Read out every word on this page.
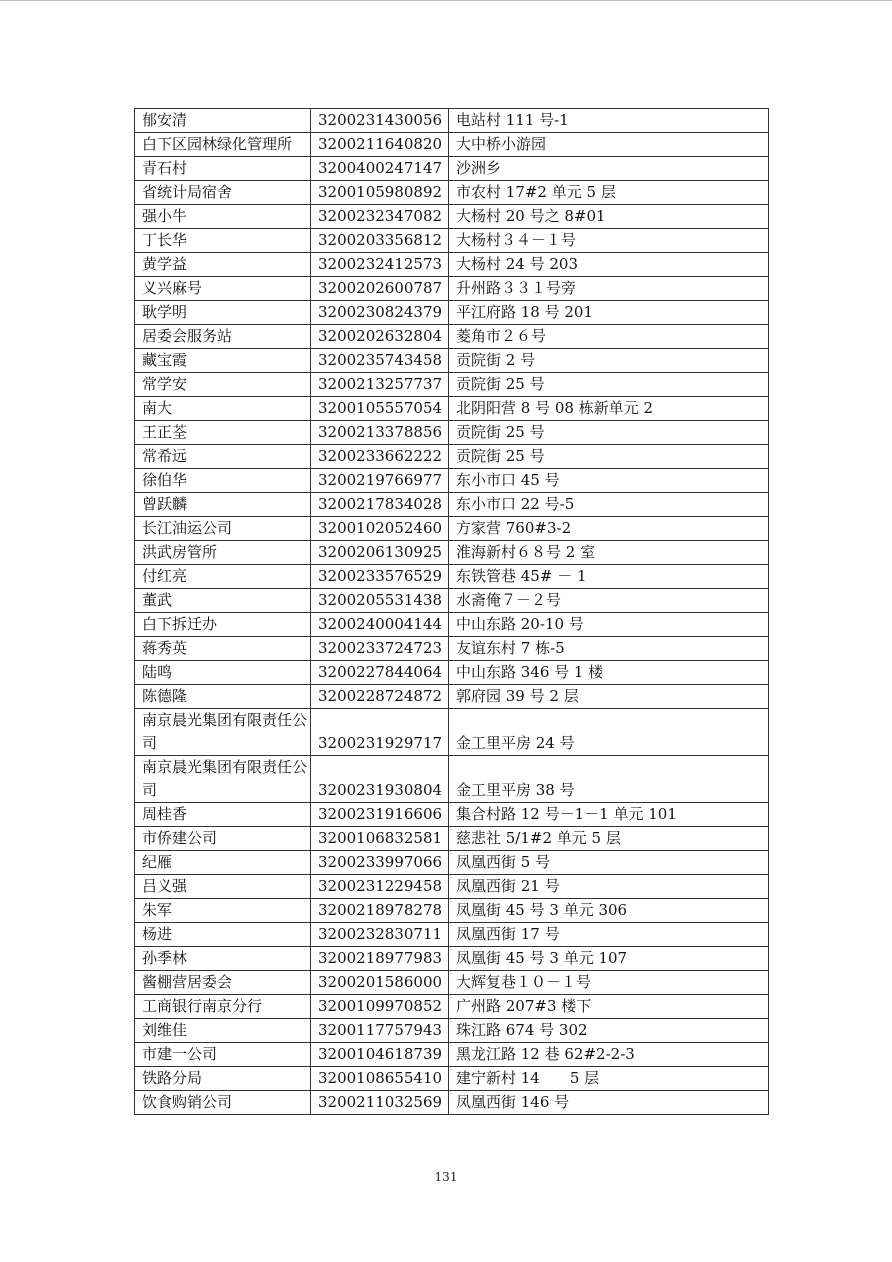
郁安清	3200231430056	电站村 111 号-1
白下区园林绿化管理所	3200211640820	大中桥小游园
青石村	3200400247147	沙洲乡
省统计局宿舍	3200105980892	市农村 17#2 单元 5 层
强小牛	3200232347082	大杨村 20 号之 8#01
丁长华	3200203356812	大杨村３４－１号
黄学益	3200232412573	大杨村 24 号 203
义兴麻号	3200202600787	升州路３３１号旁
耿学明	3200230824379	平江府路 18 号 201
居委会服务站	3200202632804	菱角市２６号
藏宝霞	3200235743458	贡院街 2 号
常学安	3200213257737	贡院街 25 号
南大	3200105557054	北阴阳营 8 号 08 栋新单元 2
王正荃	3200213378856	贡院街 25 号
常希远	3200233662222	贡院街 25 号
徐伯华	3200219766977	东小市口 45 号
曾跃麟	3200217834028	东小市口 22 号-5
长江油运公司	3200102052460	方家营 760#3-2
洪武房管所	3200206130925	淮海新村６８号 2 室
付红亮	3200233576529	东铁管巷 45# － 1
董武	3200205531438	水斋俺７－２号
白下拆迁办	3200240004144	中山东路 20-10 号
蒋秀英	3200233724723	友谊东村 7 栋-5
陆鸣	3200227844064	中山东路 346 号 1 楼
陈德隆	3200228724872	郭府园 39 号 2 层
南京晨光集团有限责任公司	3200231929717	金工里平房 24 号
南京晨光集团有限责任公司	3200231930804	金工里平房 38 号
周桂香	3200231916606	集合村路 12 号－1－1 单元 101
市侨建公司	3200106832581	慈悲社 5/1#2 单元 5 层
纪雁	3200233997066	凤凰西街 5 号
吕义强	3200231229458	凤凰西街 21 号
朱军	3200218978278	凤凰街 45 号 3 单元 306
杨进	3200232830711	凤凰西街 17 号
孙季林	3200218977983	凤凰街 45 号 3 单元 107
酱棚营居委会	3200201586000	大辉复巷１０－１号
工商银行南京分行	3200109970852	广州路 207#3 楼下
刘维佳	3200117757943	珠江路 674 号 302
市建一公司	3200104618739	黑龙江路 12 巷 62#2-2-3
铁路分局	3200108655410	建宁新村 14　　5 层
饮食购销公司	3200211032569	凤凰西街 146 号
131
